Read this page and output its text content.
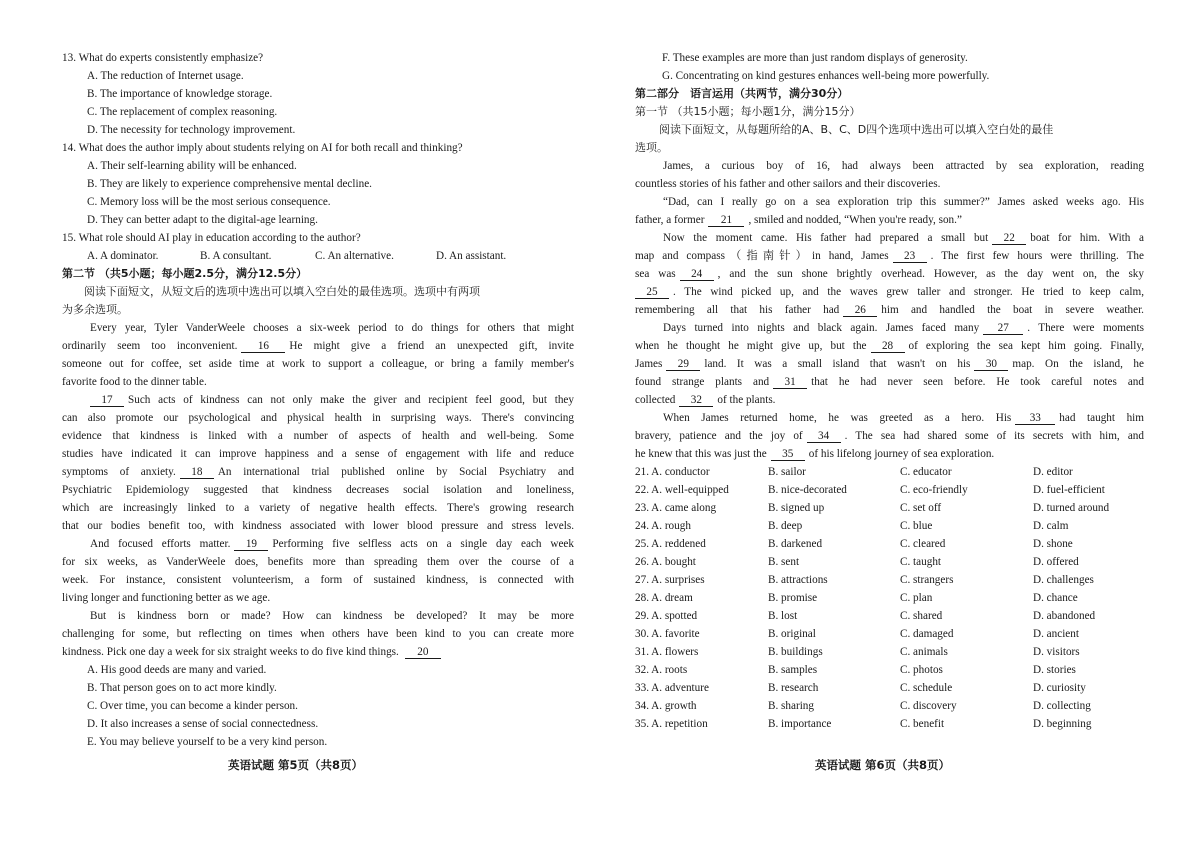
13. What do experts consistently emphasize?
A. The reduction of Internet usage.
B. The importance of knowledge storage.
C. The replacement of complex reasoning.
D. The necessity for technology improvement.
14. What does the author imply about students relying on AI for both recall and thinking?
A. Their self-learning ability will be enhanced.
B. They are likely to experience comprehensive mental decline.
C. Memory loss will be the most serious consequence.
D. They can better adapt to the digital-age learning.
15. What role should AI play in education according to the author?
A. A dominator.	B. A consultant.	C. An alternative.	D. An assistant.
第二节 （共5小题；每小题2.5分，满分12.5分）
阅读下面短文，从短文后的选项中选出可以填入空白处的最佳选项。选项中有两项
为多余选项。
Every year, Tyler VanderWeele chooses a six-week period to do things for others that might
ordinarily seem too inconvenient. 16 He might give a friend an unexpected gift, invite
someone out for coffee, set aside time at work to support a colleague, or bring a family member's
favorite food to the dinner table.
17 Such acts of kindness can not only make the giver and recipient feel good, but they
can also promote our psychological and physical health in surprising ways. There's convincing
evidence that kindness is linked with a number of aspects of health and well-being. Some
studies have indicated it can improve happiness and a sense of engagement with life and reduce
symptoms of anxiety. 18 An international trial published online by Social Psychiatry and
Psychiatric Epidemiology suggested that kindness decreases social isolation and loneliness,
which are increasingly linked to a variety of negative health effects. There's growing research
that our bodies benefit too, with kindness associated with lower blood pressure and stress levels.
And focused efforts matter. 19 Performing five selfless acts on a single day each week
for six weeks, as VanderWeele does, benefits more than spreading them over the course of a
week. For instance, consistent volunteerism, a form of sustained kindness, is connected with
living longer and functioning better as we age.
But is kindness born or made? How can kindness be developed? It may be more
challenging for some, but reflecting on times when others have been kind to you can create more
kindness. Pick one day a week for six straight weeks to do five kind things. 20
A. His good deeds are many and varied.
B. That person goes on to act more kindly.
C. Over time, you can become a kinder person.
D. It also increases a sense of social connectedness.
E. You may believe yourself to be a very kind person.
英语试题 第5页（共8页）
F. These examples are more than just random displays of generosity.
G. Concentrating on kind gestures enhances well-being more powerfully.
第二部分　语言运用（共两节，满分30分）
第一节 （共15小题；每小题1分，满分15分）
阅读下面短文，从每题所给的A、B、C、D四个选项中选出可以填入空白处的最佳
选项。
James, a curious boy of 16, had always been attracted by sea exploration, reading
countless stories of his father and other sailors and their discoveries.
“Dad, can I really go on a sea exploration trip this summer?” James asked weeks ago. His
father, a former 21 , smiled and nodded, “When you're ready, son.”
Now the moment came. His father had prepared a small but 22 boat for him. With a
map and compass（指南针）in hand, James 23 . The first few hours were thrilling. The
sea was 24 , and the sun shone brightly overhead. However, as the day went on, the sky
25 . The wind picked up, and the waves grew taller and stronger. He tried to keep calm,
remembering all that his father had 26 him and handled the boat in severe weather.
Days turned into nights and black again. James faced many 27 . There were moments
when he thought he might give up, but the 28 of exploring the sea kept him going. Finally,
James 29 land. It was a small island that wasn't on his 30 map. On the island, he
found strange plants and 31 that he had never seen before. He took careful notes and
collected 32 of the plants.
When James returned home, he was greeted as a hero. His 33 had taught him
bravery, patience and the joy of 34 . The sea had shared some of its secrets with him, and
he knew that this was just the 35 of his lifelong journey of sea exploration.
21. A. conductor	B. sailor	C. educator	D. editor
22. A. well-equipped	B. nice-decorated	C. eco-friendly	D. fuel-efficient
23. A. came along	B. signed up	C. set off	D. turned around
24. A. rough	B. deep	C. blue	D. calm
25. A. reddened	B. darkened	C. cleared	D. shone
26. A. bought	B. sent	C. taught	D. offered
27. A. surprises	B. attractions	C. strangers	D. challenges
28. A. dream	B. promise	C. plan	D. chance
29. A. spotted	B. lost	C. shared	D. abandoned
30. A. favorite	B. original	C. damaged	D. ancient
31. A. flowers	B. buildings	C. animals	D. visitors
32. A. roots	B. samples	C. photos	D. stories
33. A. adventure	B. research	C. schedule	D. curiosity
34. A. growth	B. sharing	C. discovery	D. collecting
35. A. repetition	B. importance	C. benefit	D. beginning
英语试题 第6页（共8页）
